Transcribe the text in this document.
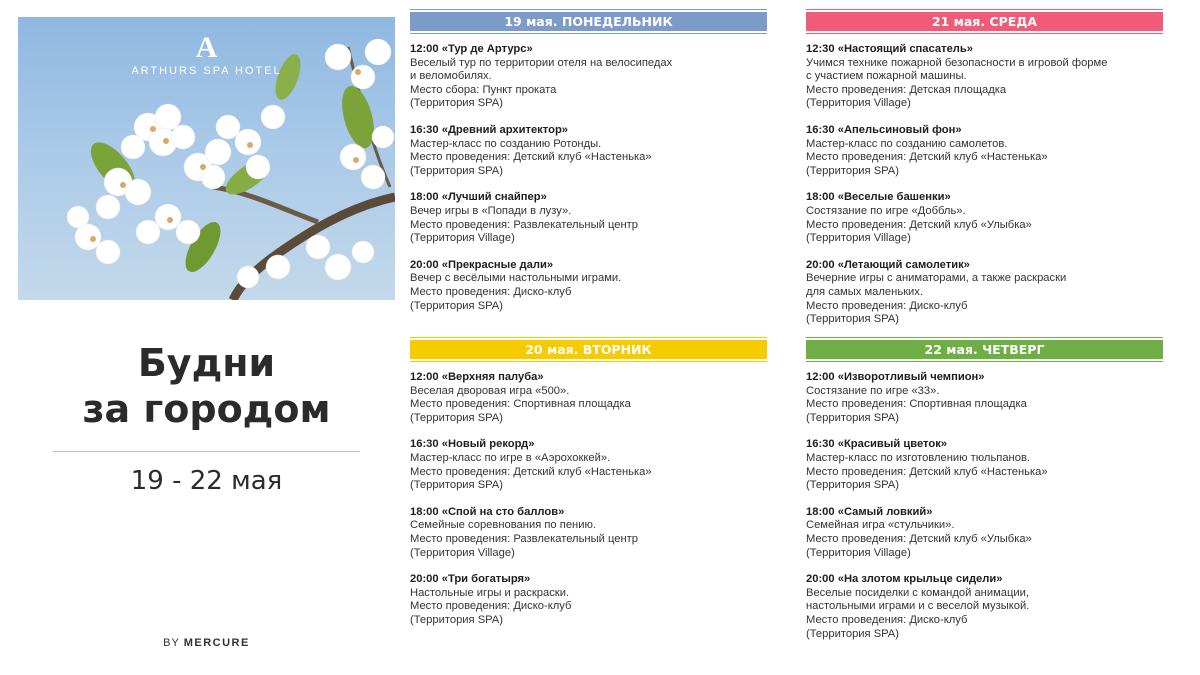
A
ARTHURS SPA HOTEL
Будни
за городом
19 - 22 мая
BY MERCURE
19 мая. ПОНЕДЕЛЬНИК
12:00 «Тур де Артурс»
Веселый тур по территории отеля на велосипедах
и веломобилях.
Место сбора: Пункт проката
(Территория SPA)
16:30 «Древний архитектор»
Мастер-класс по созданию Ротонды.
Место проведения: Детский клуб «Настенька»
(Территория SPA)
18:00 «Лучший снайпер»
Вечер игры в «Попади в лузу».
Место проведения: Развлекательный центр
(Территория Village)
20:00 «Прекрасные дали»
Вечер с весёлыми настольными играми.
Место проведения: Диско-клуб
(Территория SPA)
20 мая. ВТОРНИК
12:00 «Верхняя палуба»
Веселая дворовая игра «500».
Место проведения: Спортивная площадка
(Территория SPA)
16:30 «Новый рекорд»
Мастер-класс по игре в «Аэрохоккей».
Место проведения: Детский клуб «Настенька»
(Территория SPA)
18:00 «Спой на сто баллов»
Семейные соревнования по пению.
Место проведения: Развлекательный центр
(Территория Village)
20:00 «Три богатыря»
Настольные игры и раскраски.
Место проведения: Диско-клуб
(Территория SPA)
21 мая. СРЕДА
12:30 «Настоящий спасатель»
Учимся технике пожарной безопасности в игровой форме
с участием пожарной машины.
Место проведения: Детская площадка
(Территория Village)
16:30 «Апельсиновый фон»
Мастер-класс по созданию самолетов.
Место проведения: Детский клуб «Настенька»
(Территория SPA)
18:00 «Веселые башенки»
Состязание по игре «Доббль».
Место проведения: Детский клуб «Улыбка»
(Территория Village)
20:00 «Летающий самолетик»
Вечерние игры с аниматорами, а также раскраски
для самых маленьких.
Место проведения: Диско-клуб
(Территория SPA)
22 мая. ЧЕТВЕРГ
12:00 «Изворотливый чемпион»
Состязание по игре «33».
Место проведения: Спортивная площадка
(Территория SPA)
16:30 «Красивый цветок»
Мастер-класс по изготовлению тюльпанов.
Место проведения: Детский клуб «Настенька»
(Территория SPA)
18:00 «Самый ловкий»
Семейная игра «стульчики».
Место проведения: Детский клуб «Улыбка»
(Территория Village)
20:00 «На злотом крыльце сидели»
Веселые посиделки с командой анимации,
настольными играми и с веселой музыкой.
Место проведения: Диско-клуб
(Территория SPA)
